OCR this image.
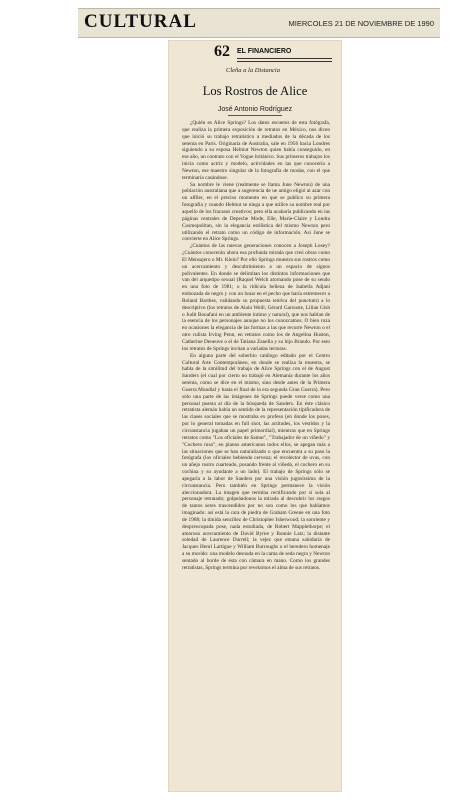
CULTURAL	MIERCOLES 21 DE NOVIEMBRE DE 1990
62 EL FINANCIERO
Cleña a la Distancia
Los Rostros de Alice
José Antonio Rodríguez

¿Quién es Alice Springs? Los datos escuetos de esta fotógrafa, que realiza la primera exposición de retratos en México, nos dicen que inició su trabajo retratístico a mediados de la década de los setenta en París. Originaria de Australia, sale en 1956 hacia Londres siguiendo a su esposa Helmut Newton quien había conseguido, en ese año, un contrato con el Vogue británico. Sus primeros trabajos los inicia como actriz y modelo, actividades en las que conocería a Newton, ese maestro singular de la fotografía de modas, con el que terminaría casándose.

Sa nombre le viene (realmente se llama June Newton) de una población australiana que a sugerencia de ue amigo eligió al azar con un alfiler, en el preciso momento en que se publico su primera fotografía y cuando Helmut se niega a que utilice su nombre real por aquello de los fracasos creativos; pero ella acabaría publicando en las páginas centrales de Depeche Mode, Elle, Marie-Claire y Londra Cosmopolitan, sin la elegancia estilística del mismo Newton pero utilizando el retrato como un código de información. Así June se convierte en Alice Springs.

¿Cuántos de las nuevas generaciones conocen a Joseph Losey? ¿Cuántos conocerán ahora esa profunda mirada que creó obras como El Mensajero o Mr. Klein? Por ello Springs muestra sus rostros como un acercamiento y descubrimiento a un espacio de signos polivalentes. En donde se delimitan los distintos informaciones que van del arquetipo sexual (Raquel Welch atornando pose de su seudo en una foto de 1981; o la ridícula belleza de Isabella Adjani embozada de negro y con un lunar en el pecho que haría estremecer a Roland Barthes, validando su propuesta teórica del punctum) a lo descriptivo (los retratos de Alain Weill, Gérard Garouste, Lilian Gish o Judit Bonafani en un ambiente íntimo y natural), que nos hablan de la esencia de los personajes aunque no los conozcamos. O bien roza en ocasiones la elegancia de las formas a las que recurre Newton o el otro culista Irving Penn, en retratos como los de Angelina Huston, Catherine Deneuve o el de Tatiana Zanella y su hijo Brando. Por esto los retratos de Springs invitan a variadas lecturas.

En alguna parte del soberbio catálogo editado por el Centro Cultural Arte Contemporáneo, en donde se realiza la muestra, se habla de la similitud del trabajo de Alice Springs con el de August Sanders (el cual por cierto no trabajó en Alemania durante los años setenta, como se dice en el mismo, sino desde antes de la Primera Guerra Mundial y hasta el final de la era segunda Gran Guerra). Pero sólo una parte de las imágenes de Springs puede verse como una personal puesta al día de la búsqueda de Sanders. En éste clásico retratista alemán había un sentido de la representación tipificadora de las clases sociales que se mostraba ex profeso (en donde los poses, por lo general tomadas en full shot, las actitudes, los vestidos y la circunstancia jugaban un papel primordial), mientras que en Springs retratos como "Los oficiales de Samur", "Trabajador de un viñedo" y "Cochero ruso", en planos americanos todos ellos, se apegan más a las situaciones que se han naturalizado o que encuentra a su paso la fotógrafa (los oficiales bebiendo cerveza; el recolector de uvas, con un añejo rostro cuarteado, posando frente al viñedo, el cochero en su cochina y su ayudante a un lado). El trabajo de Springs sólo se apegaría a la labor de Sanders por una visión jugosíssima de la circunstancia. Pero también en Springs permanece la visión aleccionadora. La imagen que termina rectificando por sí sola al personaje retratado; golpeándonos la mirada al descubrir los rasgos de tantos seres trascendidos por no son como los que habíamos imaginado: así está la cara de piedra de Graham Greene en una foto de 1988; la tímida sencillez de Christopher Isherwood; la sonriente y despreocupada pose, nada estudiada, de Robert Mapplethorpe; el amoroso acercamiento de David Byrne y Bonnie Latz; la distante soledad de Laurence Durrell; la vejez que emana sabiduría de Jacques Henri Lartigue y William Burroughs o el heredero homenaje a su morido: una modelo desnuda en la cama de seda negra y Newton sentado al borde de ésta con cámara en mano. Como los grandes retratistas, Springs termina por revelarnos el alma de sus retratos.
